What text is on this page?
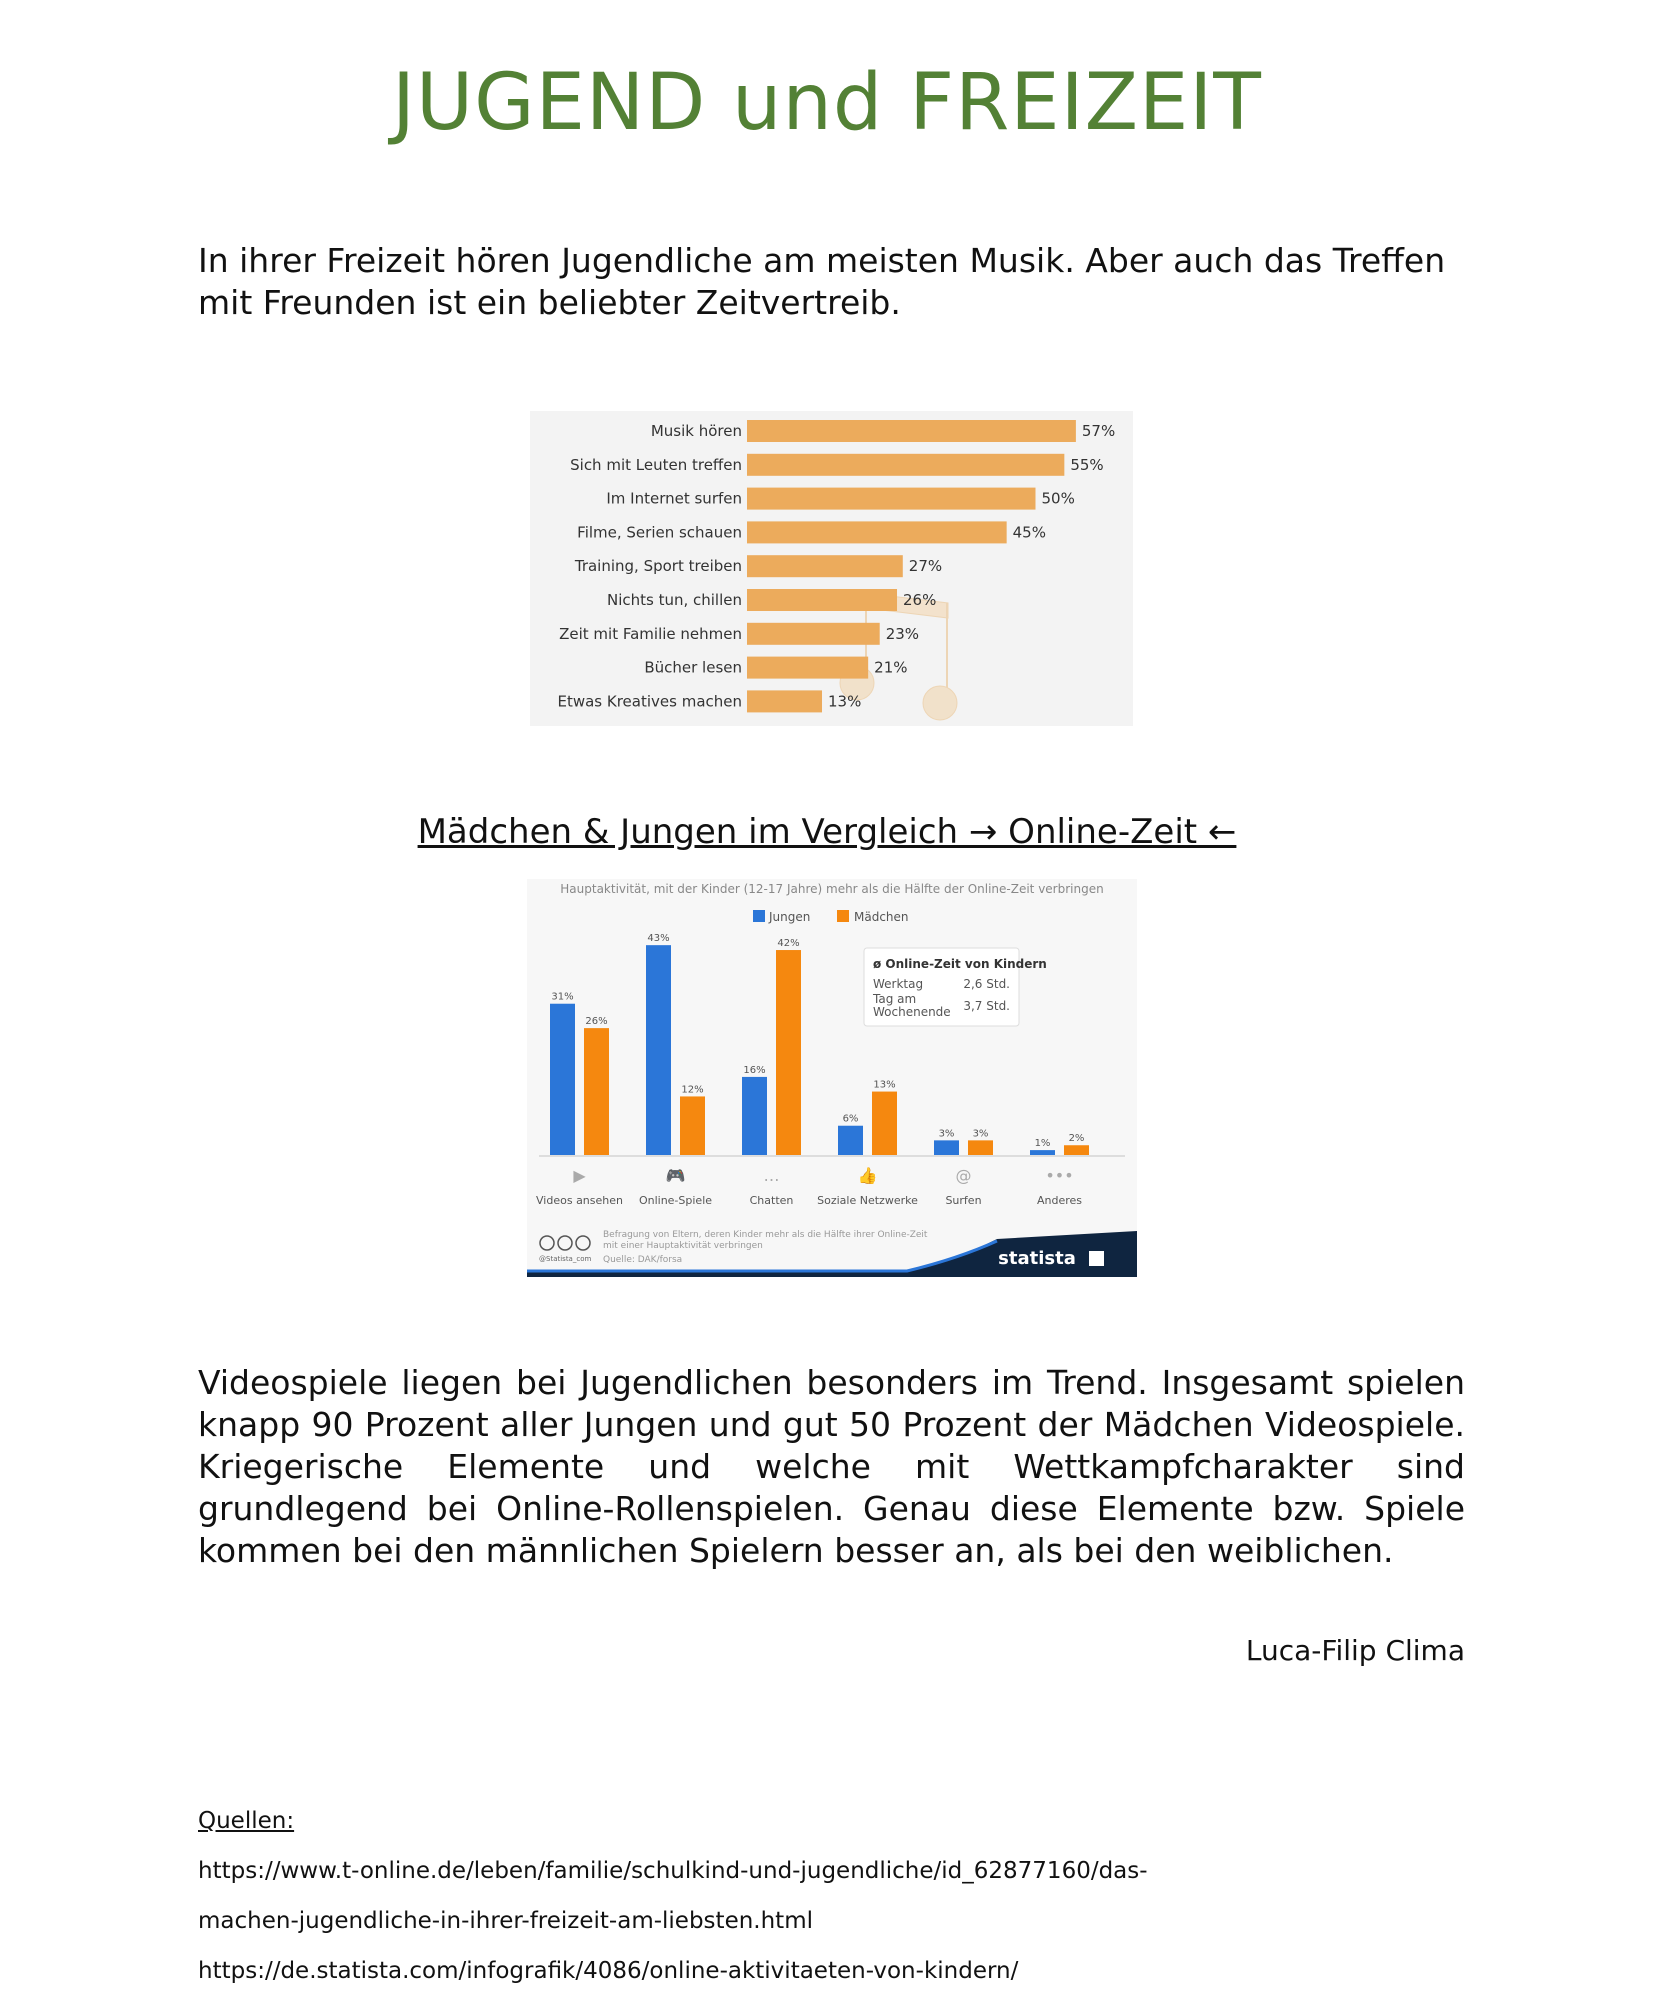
JUGEND und FREIZEIT
In ihrer Freizeit hören Jugendliche am meisten Musik. Aber auch das Treffen mit Freunden ist ein beliebter Zeitvertreib.
Musik hören	57%
Sich mit Leuten treffen	55%
Im Internet surfen	50%
Filme, Serien schauen	45%
Training, Sport treiben	27%
Nichts tun, chillen	26%
Zeit mit Familie nehmen	23%
Bücher lesen	21%
Etwas Kreatives machen	13%
Mädchen & Jungen im Vergleich → Online-Zeit ←
Hauptaktivität, mit der Kinder (12-17 Jahre) mehr als die Hälfte der Online-Zeit verbringen
Jungen	Mädchen
ø Online-Zeit von Kindern
Werktag	2,6 Std.
Tag am
Wochenende 3,7 Std.
31%
26%
▶
Videos ansehen
43%
12%
🎮
Online-Spiele
16%
42%
…
Chatten
6%
13%
👍
Soziale Netzwerke
3% 3%
@
Surfen
1% 2%
•••
Anderes
@Statista_com
Befragung von Eltern, deren Kinder mehr als die Hälfte ihrer Online-Zeit
mit einer Hauptaktivität verbringen
Quelle: DAK/forsa	statista
Videospiele liegen bei Jugendlichen besonders im Trend. Insgesamt spielen knapp 90 Prozent aller Jungen und gut 50 Prozent der Mädchen Videospiele. Kriegerische Elemente und welche mit Wettkampfcharakter sind grundlegend bei Online-Rollenspielen. Genau diese Elemente bzw. Spiele kommen bei den männlichen Spielern besser an, als bei den weiblichen.
Luca-Filip Clima
Quellen:
https://www.t-online.de/leben/familie/schulkind-und-jugendliche/id_62877160/das-
machen-jugendliche-in-ihrer-freizeit-am-liebsten.html
https://de.statista.com/infografik/4086/online-aktivitaeten-von-kindern/
